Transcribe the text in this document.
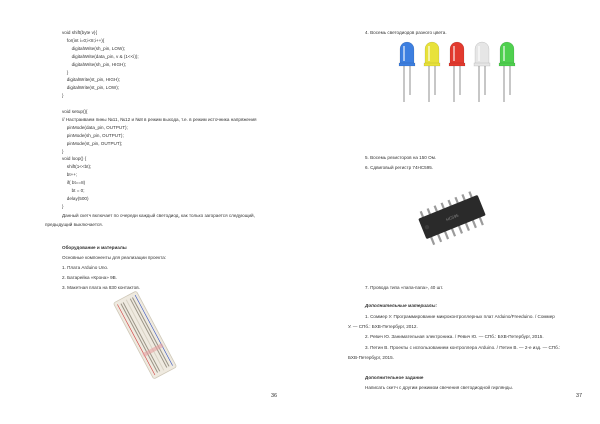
void shift(byte v){
for(int i=0;i<8;i++){
digitalWrite(sh_pin, LOW);
digitalWrite(data_pin, v & (1<<i));
digitalWrite(sh_pin, HIGH);
}
digitalWrite(st_pin, HIGH);
digitalWrite(st_pin, LOW);
}
void setup(){
// Настраиваем пины №11, №12 и №8 в режим выхода, т.е. в режим источника напряжения
pinMode(data_pin, OUTPUT);
pinMode(sh_pin, OUTPUT);
pinMode(st_pin, OUTPUT);
}
void loop() {
shift(1<<bt);
bt++;
if( bt==8)
bt = 0;
delay(500)
}
Данный скетч включает по очереди каждый светодиод, как только загорается следующий,
предыдущий выключается.
Оборудование и материалы
Основные компоненты для реализации проекта:
1. Плата Arduino Uno.
2. Батарейка «Крона» 9В.
3. Макетная плата на 830 контактов.
36
4. Восемь светодиодов разного цвета.
5. Восемь резисторов на 150 Ом.
6. Сдвиговый регистр 74HC595.
HC595
7. Провода типа «папа-папа», 40 шт.
Дополнительные материалы:
1. Соммер У. Программирование микроконтроллерных плат Arduino/Freeduino. / Соммер
У. — СПб.: БХВ-Петербург, 2012.
2. Ревич Ю. Занимательная электроника. / Ревич Ю. — СПб.: БХВ-Петербург, 2015.
3. Петин В. Проекты с использованием контроллера Arduino. / Петин В. — 2-е изд. — СПб.:
БХВ-Петербург, 2015.
Дополнительное задание
Написать скетч с другим режимом свечения светодиодной гирлянды.
37
